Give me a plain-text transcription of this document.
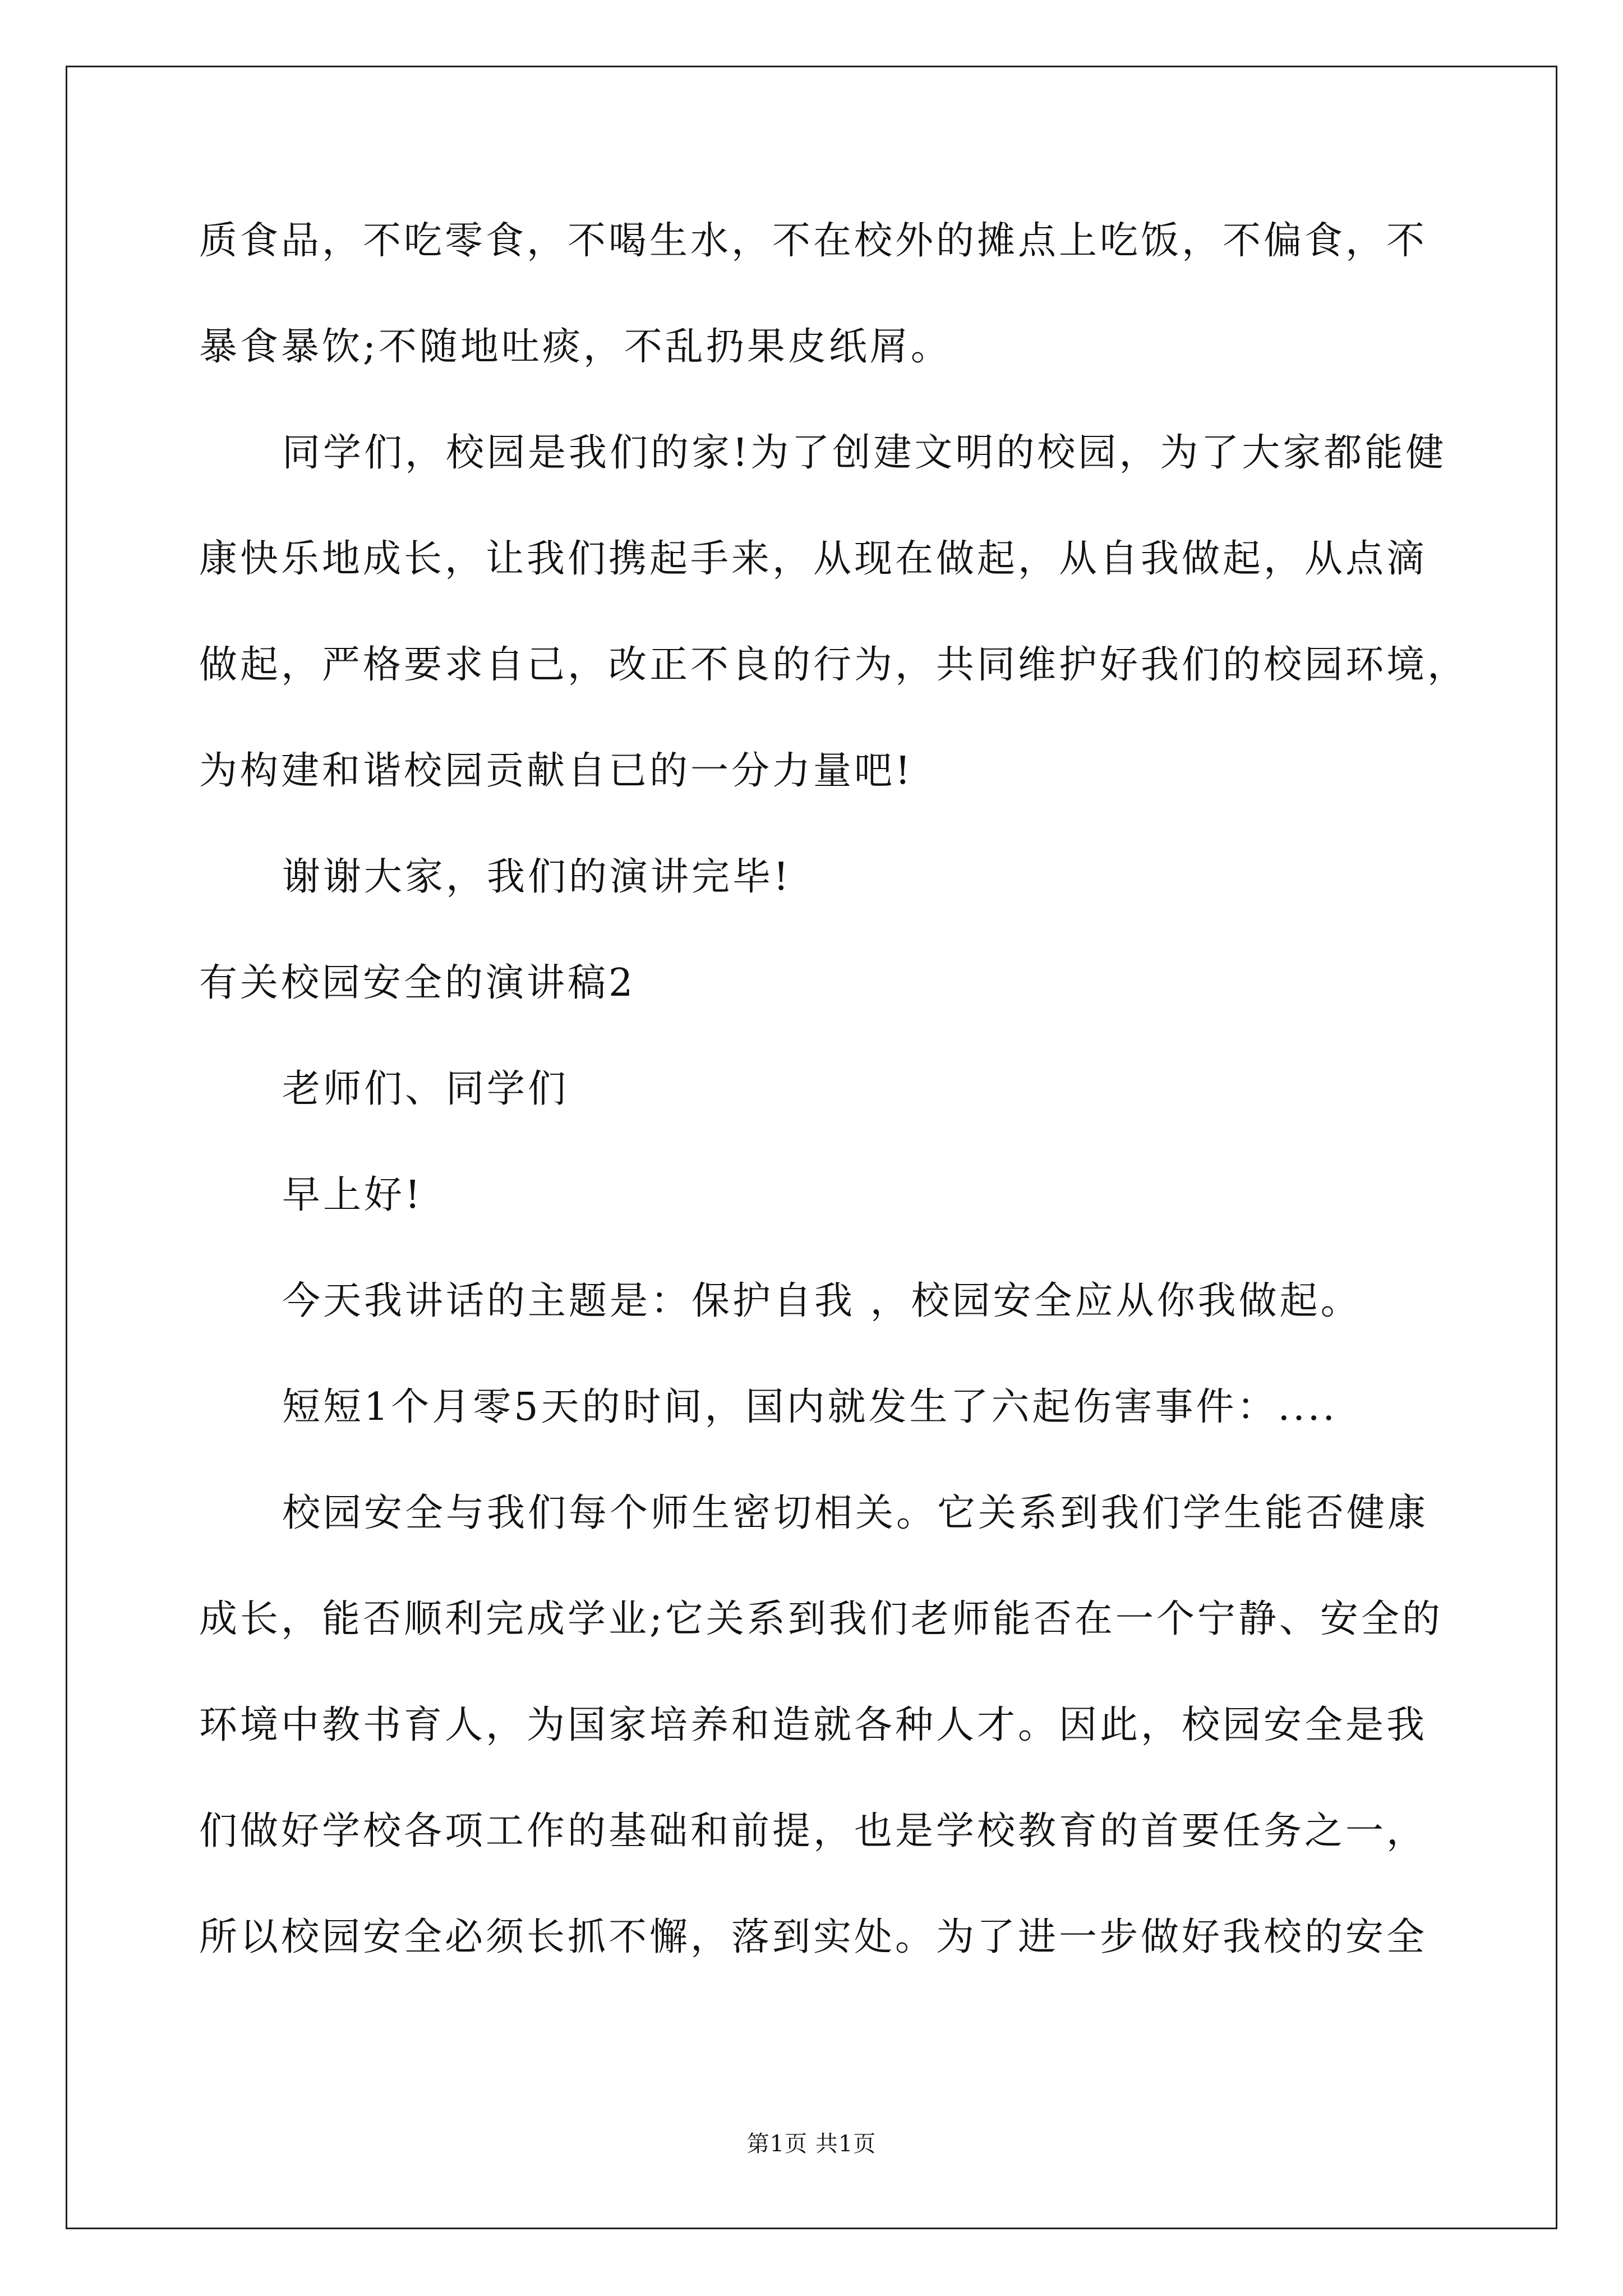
质食品，不吃零食，不喝生水，不在校外的摊点上吃饭，不偏食，不
暴食暴饮;不随地吐痰，不乱扔果皮纸屑。
同学们，校园是我们的家!为了创建文明的校园，为了大家都能健
康快乐地成长，让我们携起手来，从现在做起，从自我做起，从点滴
做起，严格要求自己，改正不良的行为，共同维护好我们的校园环境，
为构建和谐校园贡献自已的一分力量吧!
谢谢大家，我们的演讲完毕!
有关校园安全的演讲稿2
老师们、同学们
早上好!
今天我讲话的主题是：保护自我 ，校园安全应从你我做起。
短短1个月零5天的时间，国内就发生了六起伤害事件：....
校园安全与我们每个师生密切相关。它关系到我们学生能否健康
成长，能否顺利完成学业;它关系到我们老师能否在一个宁静、安全的
环境中教书育人，为国家培养和造就各种人才。因此，校园安全是我
们做好学校各项工作的基础和前提，也是学校教育的首要任务之一，
所以校园安全必须长抓不懈，落到实处。为了进一步做好我校的安全
第1页 共1页
